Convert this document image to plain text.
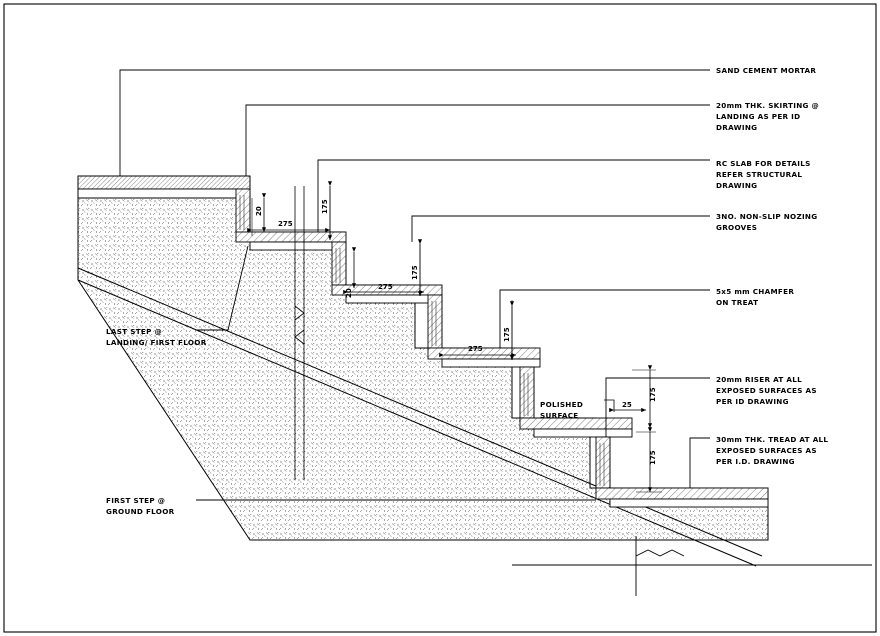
20
275
175
20
275
175
275
175
25
175
175
SAND CEMENT MORTAR
20mm THK. SKIRTING @ LANDING AS PER ID DRAWING
RC SLAB FOR DETAILS REFER STRUCTURAL DRAWING
3NO. NON-SLIP NOZING GROOVES
5x5 mm CHAMFER ON TREAT
20mm RISER AT ALL EXPOSED SURFACES AS PER ID DRAWING
30mm THK. TREAD AT ALL EXPOSED SURFACES AS PER I.D. DRAWING
LAST STEP @ LANDING/ FIRST FLOOR
FIRST STEP @ GROUND FLOOR
POLISHED SURFACE
